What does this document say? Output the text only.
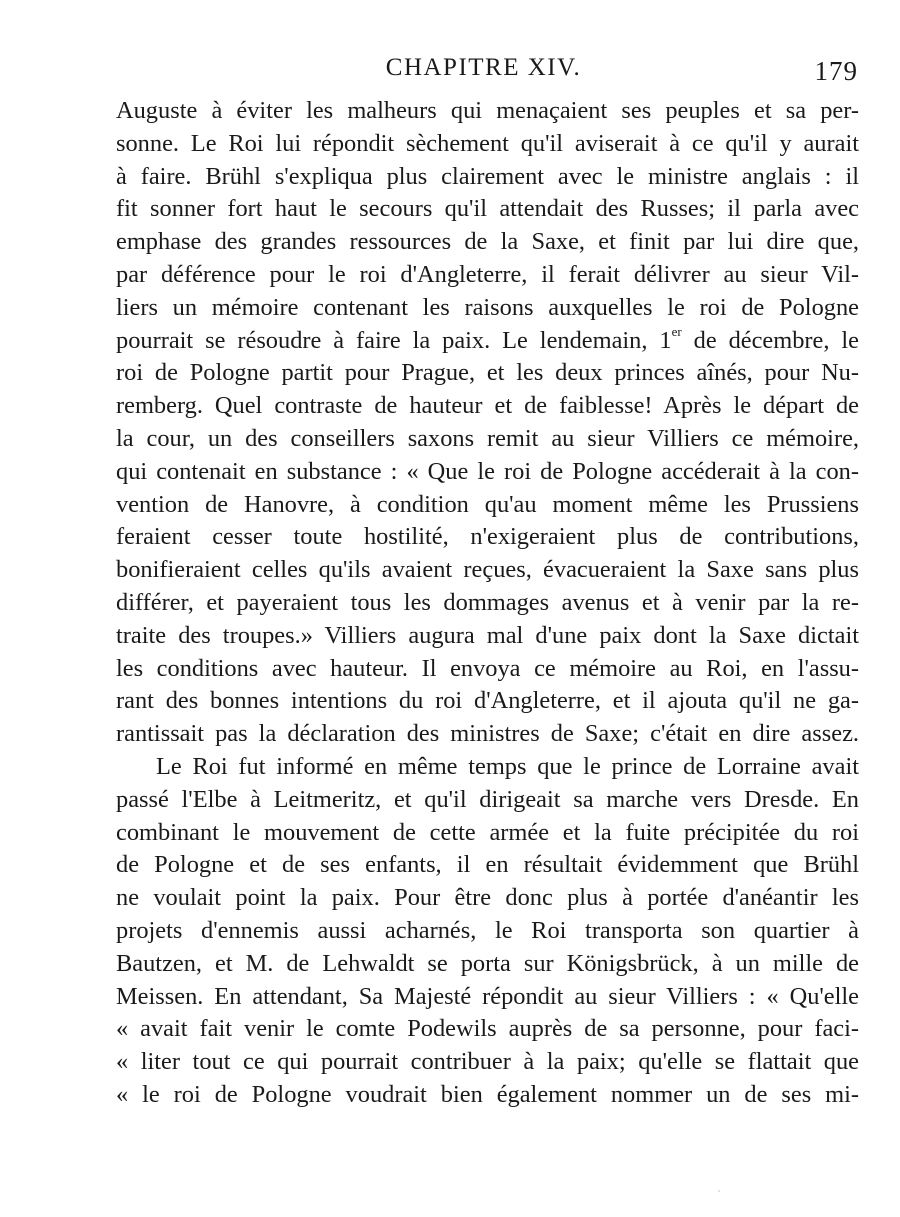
CHAPITRE XIV.	179
Auguste à éviter les malheurs qui menaçaient ses peuples et sa per-
sonne. Le Roi lui répondit sèchement qu'il aviserait à ce qu'il y aurait
à faire. Brühl s'expliqua plus clairement avec le ministre anglais : il
fit sonner fort haut le secours qu'il attendait des Russes; il parla avec
emphase des grandes ressources de la Saxe, et finit par lui dire que,
par déférence pour le roi d'Angleterre, il ferait délivrer au sieur Vil-
liers un mémoire contenant les raisons auxquelles le roi de Pologne
pourrait se résoudre à faire la paix. Le lendemain, 1er de décembre, le
roi de Pologne partit pour Prague, et les deux princes aînés, pour Nu-
remberg. Quel contraste de hauteur et de faiblesse! Après le départ de
la cour, un des conseillers saxons remit au sieur Villiers ce mémoire,
qui contenait en substance : « Que le roi de Pologne accéderait à la con-
vention de Hanovre, à condition qu'au moment même les Prussiens
feraient cesser toute hostilité, n'exigeraient plus de contributions,
bonifieraient celles qu'ils avaient reçues, évacueraient la Saxe sans plus
différer, et payeraient tous les dommages avenus et à venir par la re-
traite des troupes.» Villiers augura mal d'une paix dont la Saxe dictait
les conditions avec hauteur. Il envoya ce mémoire au Roi, en l'assu-
rant des bonnes intentions du roi d'Angleterre, et il ajouta qu'il ne ga-
rantissait pas la déclaration des ministres de Saxe; c'était en dire assez.
Le Roi fut informé en même temps que le prince de Lorraine avait
passé l'Elbe à Leitmeritz, et qu'il dirigeait sa marche vers Dresde. En
combinant le mouvement de cette armée et la fuite précipitée du roi
de Pologne et de ses enfants, il en résultait évidemment que Brühl
ne voulait point la paix. Pour être donc plus à portée d'anéantir les
projets d'ennemis aussi acharnés, le Roi transporta son quartier à
Bautzen, et M. de Lehwaldt se porta sur Königsbrück, à un mille de
Meissen. En attendant, Sa Majesté répondit au sieur Villiers : « Qu'elle
« avait fait venir le comte Podewils auprès de sa personne, pour faci-
« liter tout ce qui pourrait contribuer à la paix; qu'elle se flattait que
« le roi de Pologne voudrait bien également nommer un de ses mi-
